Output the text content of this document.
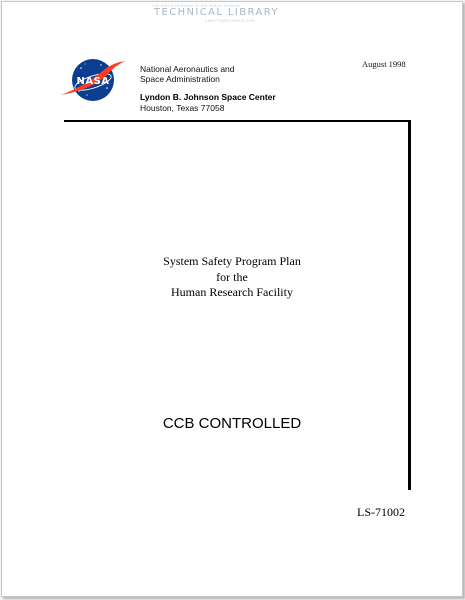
THE SPACE PROGRAM IN THE PUBLIC DOMAIN
TECHNICAL LIBRARY
ABBOTTAEROSPACE.COM
NASA
National Aeronautics and
Space Administration
Lyndon B. Johnson Space Center
Houston, Texas 77058
August 1998
System Safety Program Plan
for the
Human Research Facility
CCB CONTROLLED
LS-71002
